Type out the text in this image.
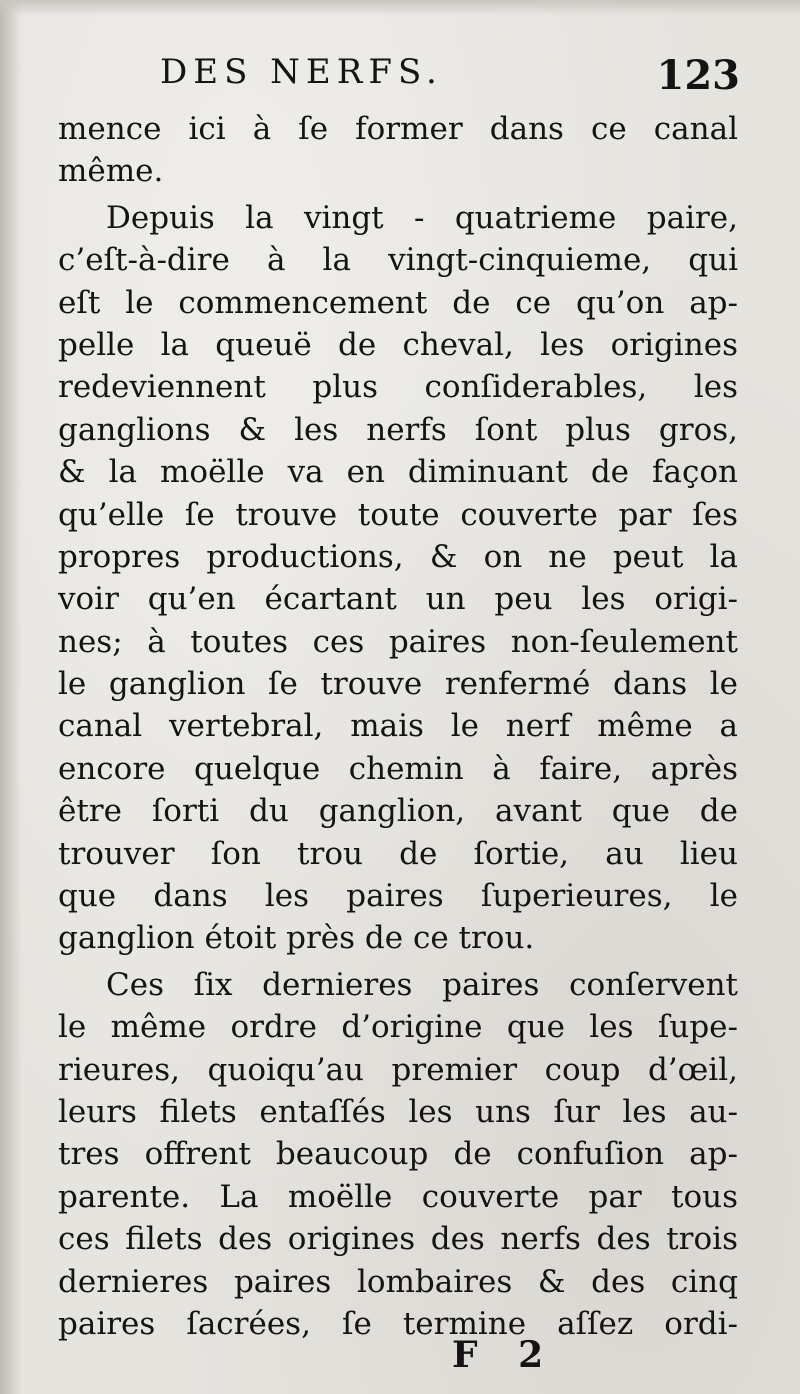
DES NERFS.	123
mence ici à ſe former dans ce canal
même.
Depuis la vingt - quatrieme paire,
c’eſt-à-dire à la vingt-cinquieme, qui
eſt le commencement de ce qu’on ap-
pelle la queuë de cheval, les origines
redeviennent plus conſiderables, les
ganglions & les nerfs ſont plus gros,
& la moëlle va en diminuant de façon
qu’elle ſe trouve toute couverte par ſes
propres productions, & on ne peut la
voir qu’en écartant un peu les origi-
nes; à toutes ces paires non-ſeulement
le ganglion ſe trouve renfermé dans le
canal vertebral, mais le nerf même a
encore quelque chemin à faire, après
être ſorti du ganglion, avant que de
trouver ſon trou de ſortie, au lieu
que dans les paires ſuperieures, le
ganglion étoit près de ce trou.
Ces ſix dernieres paires conſervent
le même ordre d’origine que les ſupe-
rieures, quoiqu’au premier coup d’œil,
leurs filets entaſſés les uns ſur les au-
tres offrent beaucoup de confuſion ap-
parente. La moëlle couverte par tous
ces filets des origines des nerfs des trois
dernieres paires lombaires & des cinq
paires ſacrées, ſe termine aſſez ordi-
F 2
